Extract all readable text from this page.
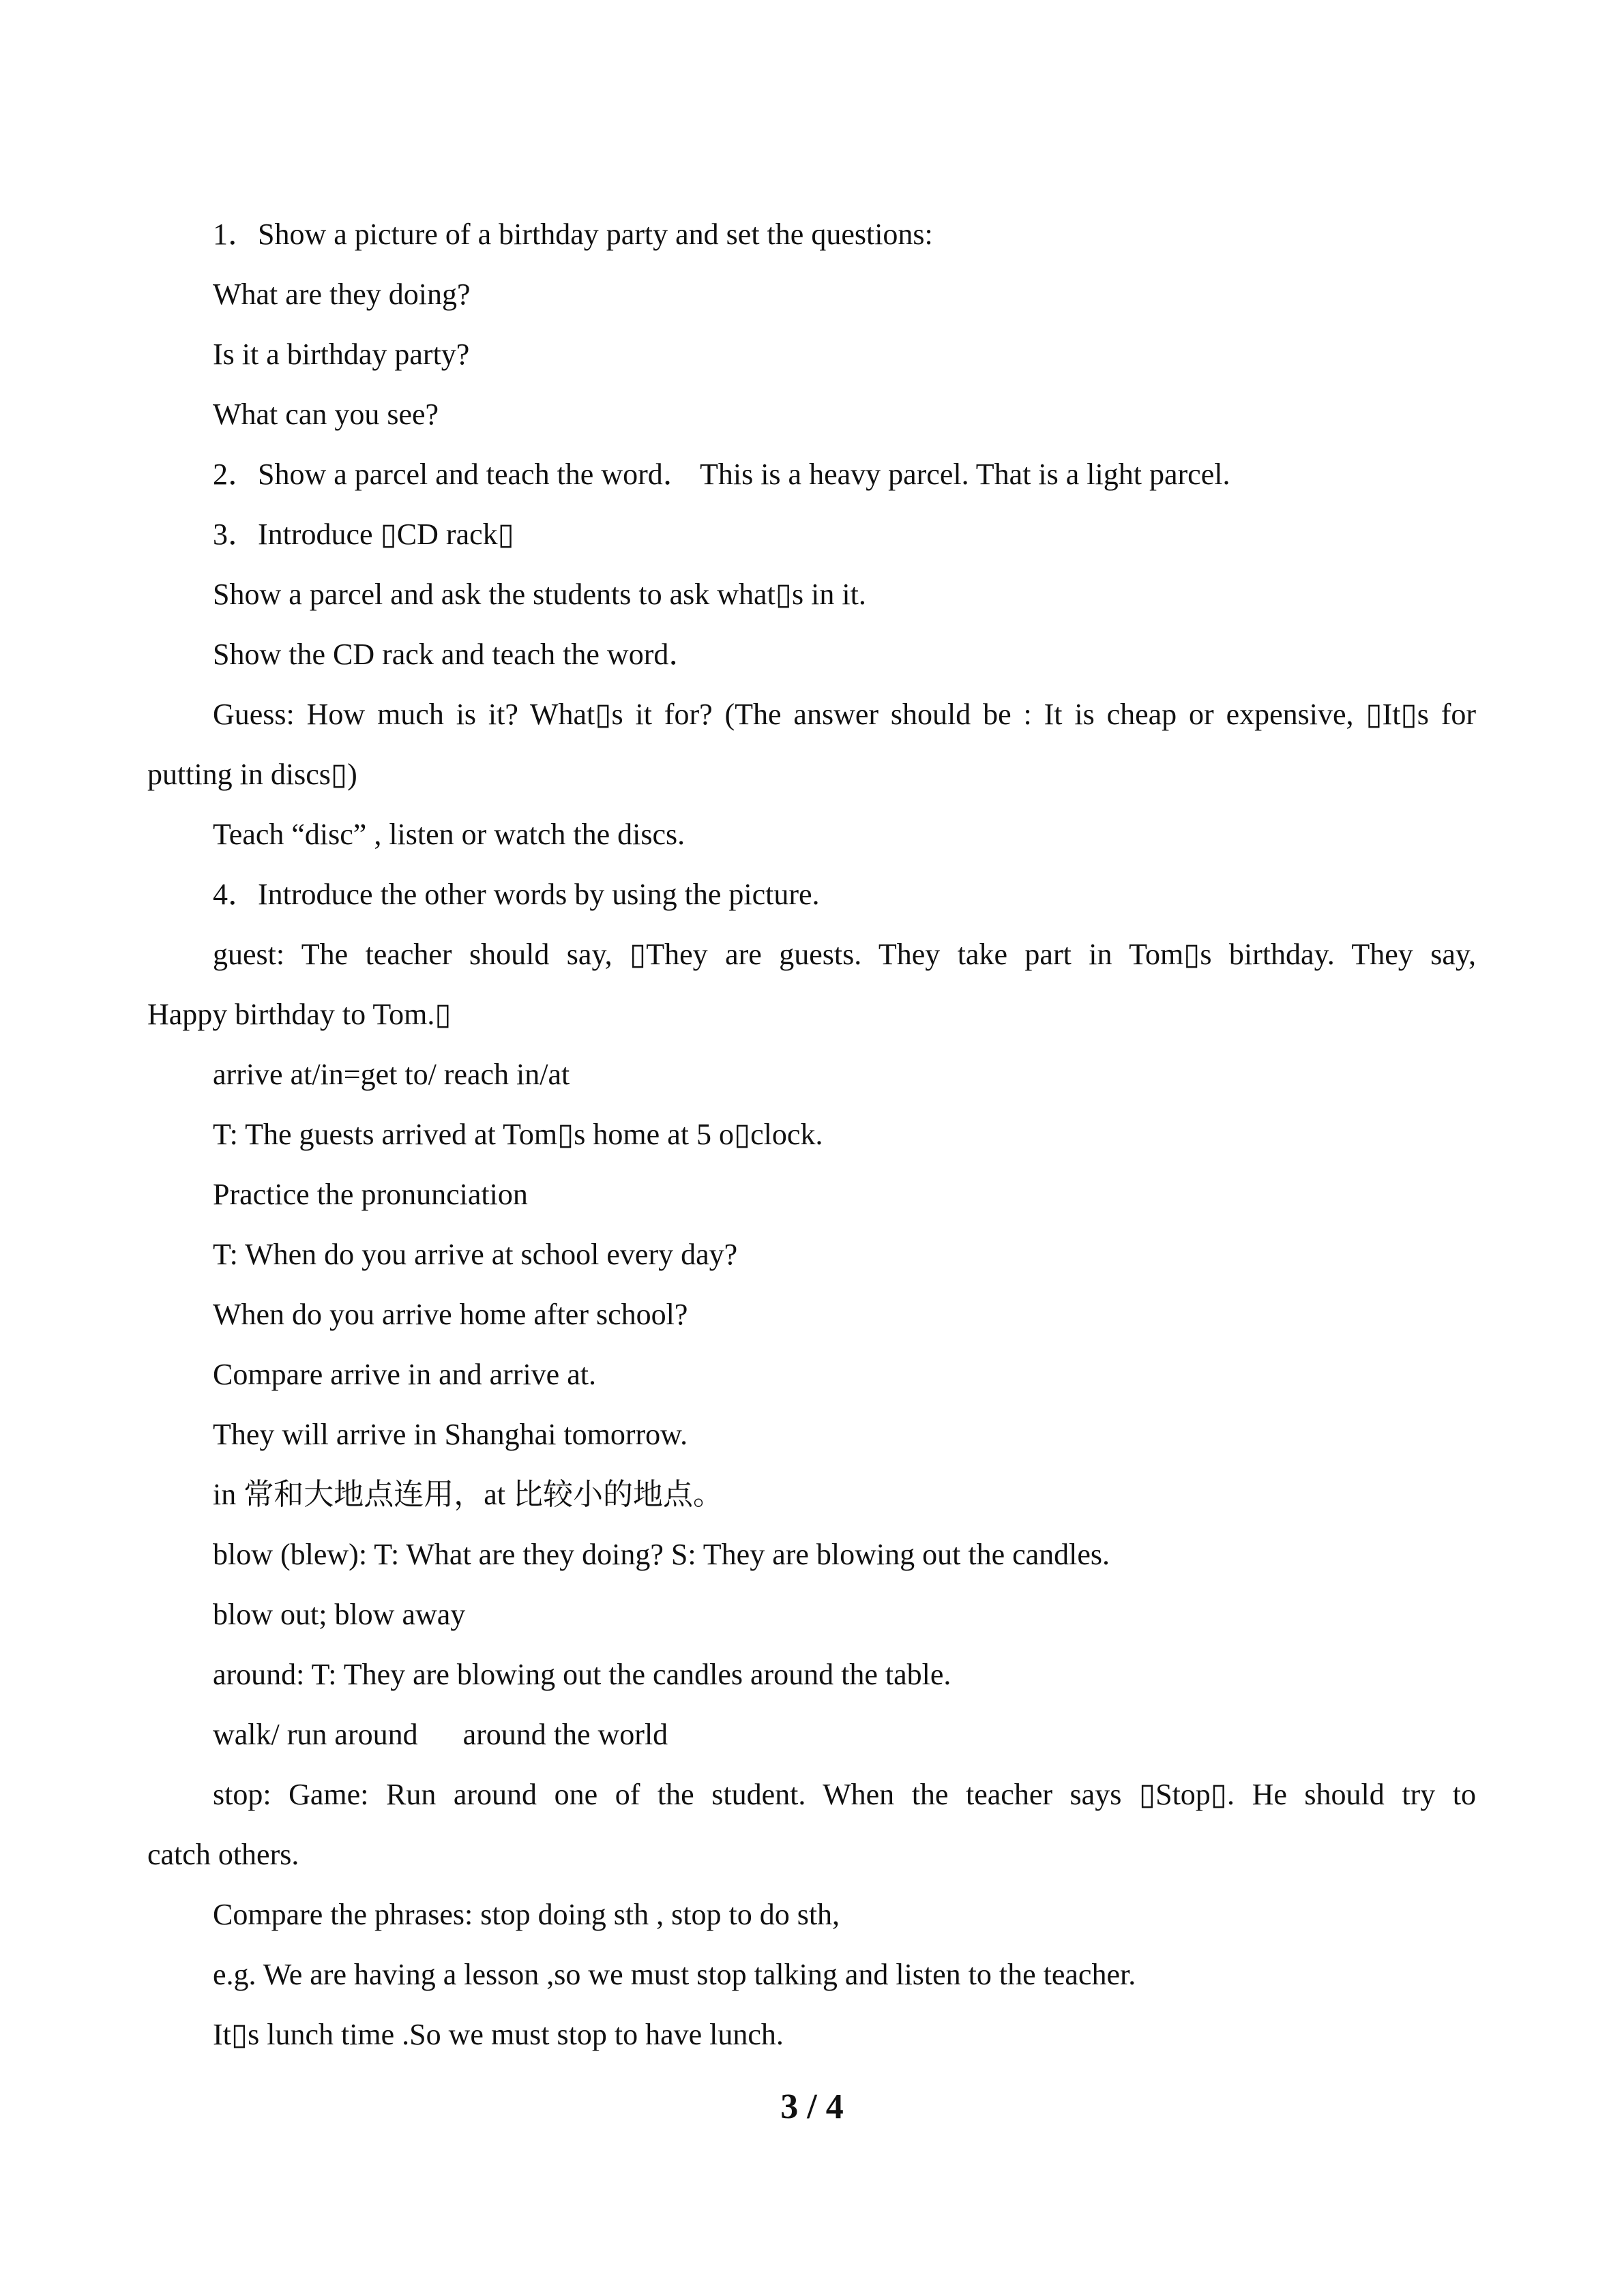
1．Show a picture of a birthday party and set the questions:

What are they doing?

Is it a birthday party?

What can you see?

2．Show a parcel and teach the word． This is a heavy parcel. That is a light parcel.

3．Introduce ▯CD rack▯

Show a parcel and ask the students to ask what▯s in it.

Show the CD rack and teach the word．

Guess: How much is it? What▯s it for? (The answer should be : It is cheap or expensive, ▯It▯s for

putting in discs▯)

Teach “disc” , listen or watch the discs.

4．Introduce the other words by using the picture.

guest: The teacher should say, ▯They are guests. They take part in Tom▯s birthday. They say,

Happy birthday to Tom.▯

arrive at/in=get to/ reach in/at

T: The guests arrived at Tom▯s home at 5 o▯clock.

Practice the pronunciation

T: When do you arrive at school every day?

When do you arrive home after school?

Compare arrive in and arrive at.

They will arrive in Shanghai tomorrow.

in 常和大地点连用，at 比较小的地点。

blow (blew): T: What are they doing? S: They are blowing out the candles.

blow out; blow away

around: T: They are blowing out the candles around the table.

walk/ run around      around the world

stop: Game: Run around one of the student. When the teacher says ▯Stop▯. He should try to

catch others.

Compare the phrases: stop doing sth , stop to do sth,

e.g. We are having a lesson ,so we must stop talking and listen to the teacher.

It▯s lunch time .So we must stop to have lunch.

3 / 4
